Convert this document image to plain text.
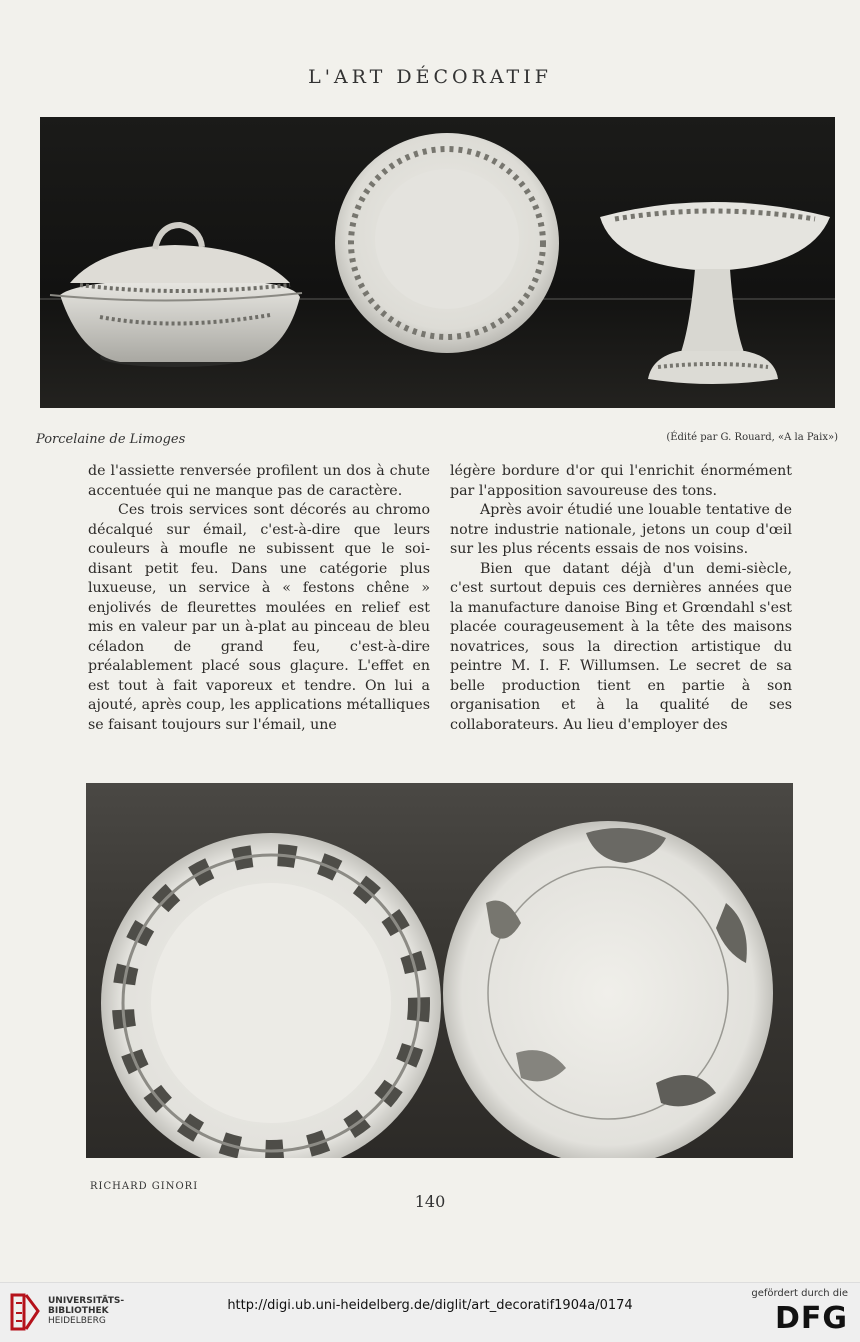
L'ART DÉCORATIF
Porcelaine de Limoges	(Édité par G. Rouard, «A la Paix»)

de l'assiette renversée profilent un dos à chute accentuée qui ne manque pas de caractère.

Ces trois services sont décorés au chromo décalqué sur émail, c'est-à-dire que leurs couleurs à moufle ne subissent que le soi-disant petit feu. Dans une catégorie plus luxueuse, un service à « festons chêne » enjolivés de fleurettes moulées en relief est mis en valeur par un à-plat au pinceau de bleu céladon de grand feu, c'est-à-dire préalablement placé sous glaçure. L'effet en est tout à fait vaporeux et tendre. On lui a ajouté, après coup, les applications métalliques se faisant toujours sur l'émail, une

légère bordure d'or qui l'enrichit énormément par l'apposition savoureuse des tons.

Après avoir étudié une louable tentative de notre industrie nationale, jetons un coup d'œil sur les plus récents essais de nos voisins.

Bien que datant déjà d'un demi-siècle, c'est surtout depuis ces dernières années que la manufacture danoise Bing et Grœndahl s'est placée courageusement à la tête des maisons novatrices, sous la direction artistique du peintre M. I. F. Willumsen. Le secret de sa belle production tient en partie à son organisation et à la qualité de ses collaborateurs. Au lieu d'employer des

RICHARD GINORI
140
UNIVERSITÄTS-
BIBLIOTHEK
HEIDELBERG
http://digi.ub.uni-heidelberg.de/diglit/art_decoratif1904a/0174
gefördert durch die
DFG
